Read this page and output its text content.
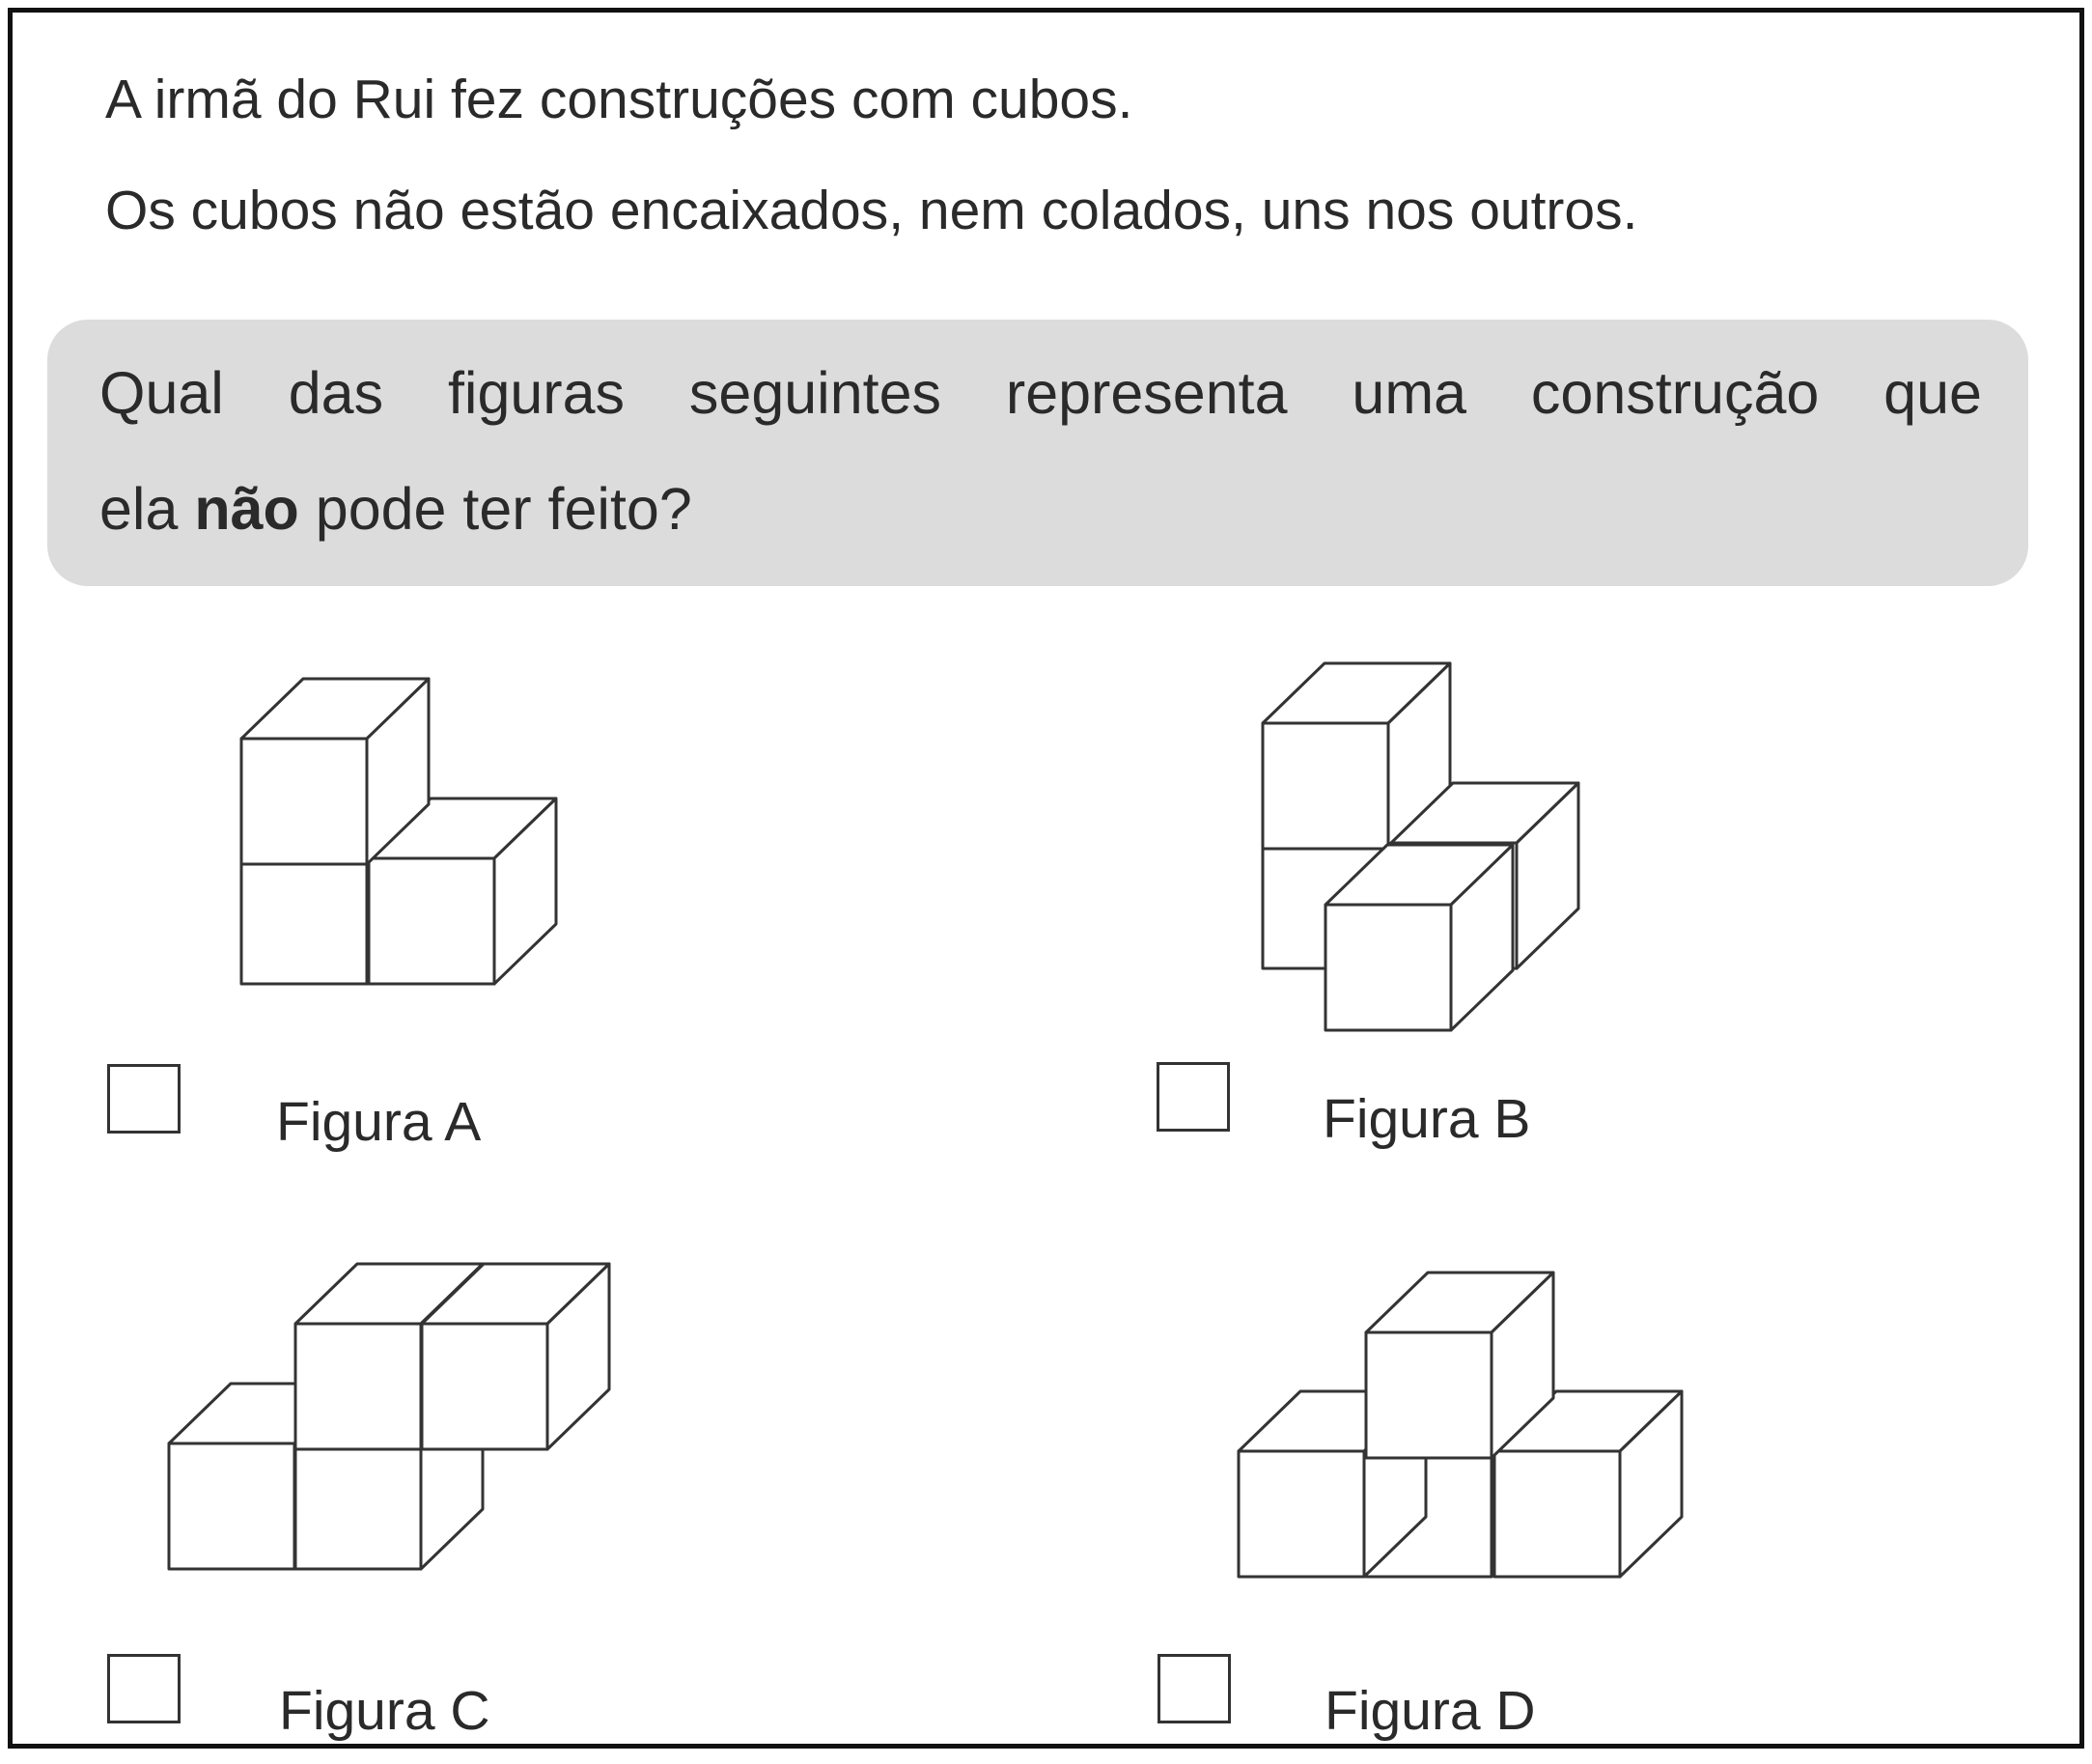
A irmã do Rui fez construções com cubos.

Os cubos não estão encaixados, nem colados, uns nos outros.

Qual das figuras seguintes representa uma construção que

ela não pode ter feito?

Figura A	Figura B
Figura C	Figura D
